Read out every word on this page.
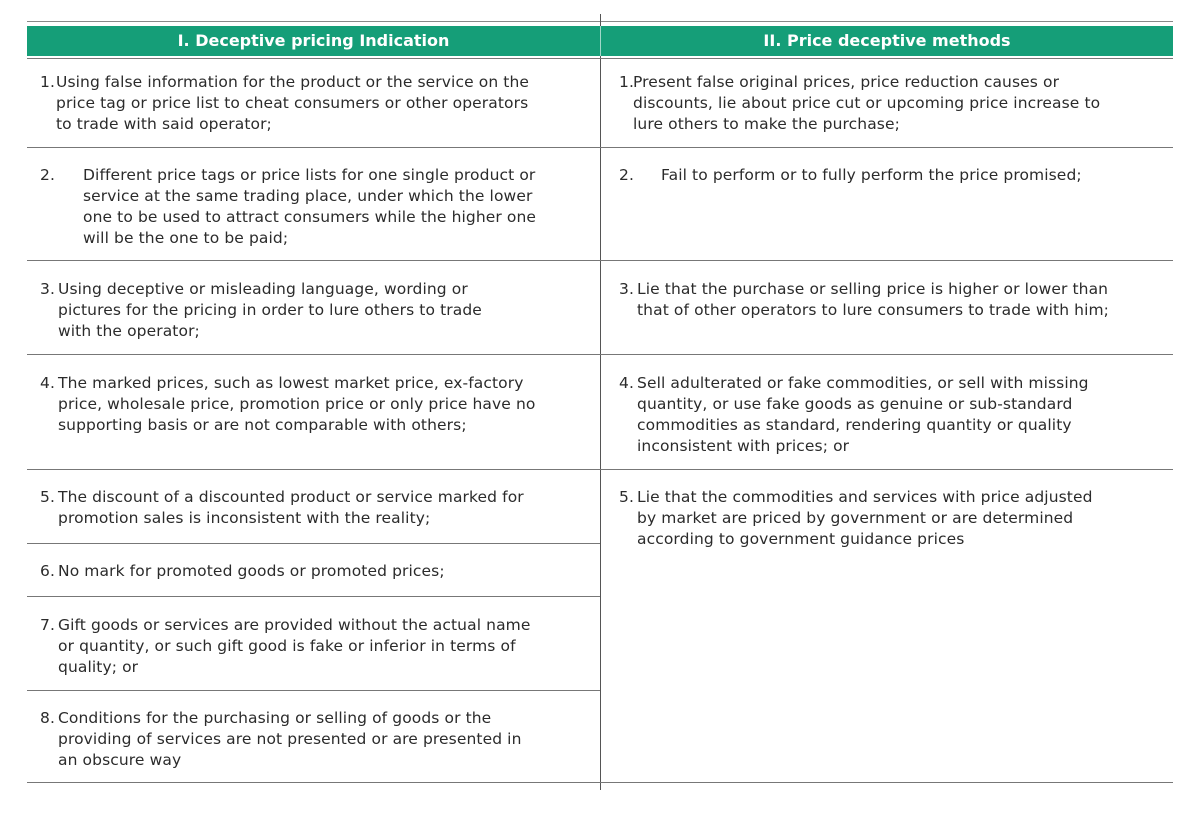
I. Deceptive pricing Indication	II. Price deceptive methods
1. Using false information for the product or the service on the
price tag or price list to cheat consumers or other operators
to trade with said operator;
2. Different price tags or price lists for one single product or
service at the same trading place, under which the lower
one to be used to attract consumers while the higher one
will be the one to be paid;
3. Using deceptive or misleading language, wording or
pictures for the pricing in order to lure others to trade
with the operator;
4. The marked prices, such as lowest market price, ex-factory
price, wholesale price, promotion price or only price have no
supporting basis or are not comparable with others;
5. The discount of a discounted product or service marked for
promotion sales is inconsistent with the reality;
6. No mark for promoted goods or promoted prices;
7. Gift goods or services are provided without the actual name
or quantity, or such gift good is fake or inferior in terms of
quality; or
8. Conditions for the purchasing or selling of goods or the
providing of services are not presented or are presented in
an obscure way
1. Present false original prices, price reduction causes or
discounts, lie about price cut or upcoming price increase to
lure others to make the purchase;
2. Fail to perform or to fully perform the price promised;
3. Lie that the purchase or selling price is higher or lower than
that of other operators to lure consumers to trade with him;
4. Sell adulterated or fake commodities, or sell with missing
quantity, or use fake goods as genuine or sub-standard
commodities as standard, rendering quantity or quality
inconsistent with prices; or
5. Lie that the commodities and services with price adjusted
by market are priced by government or are determined
according to government guidance prices
